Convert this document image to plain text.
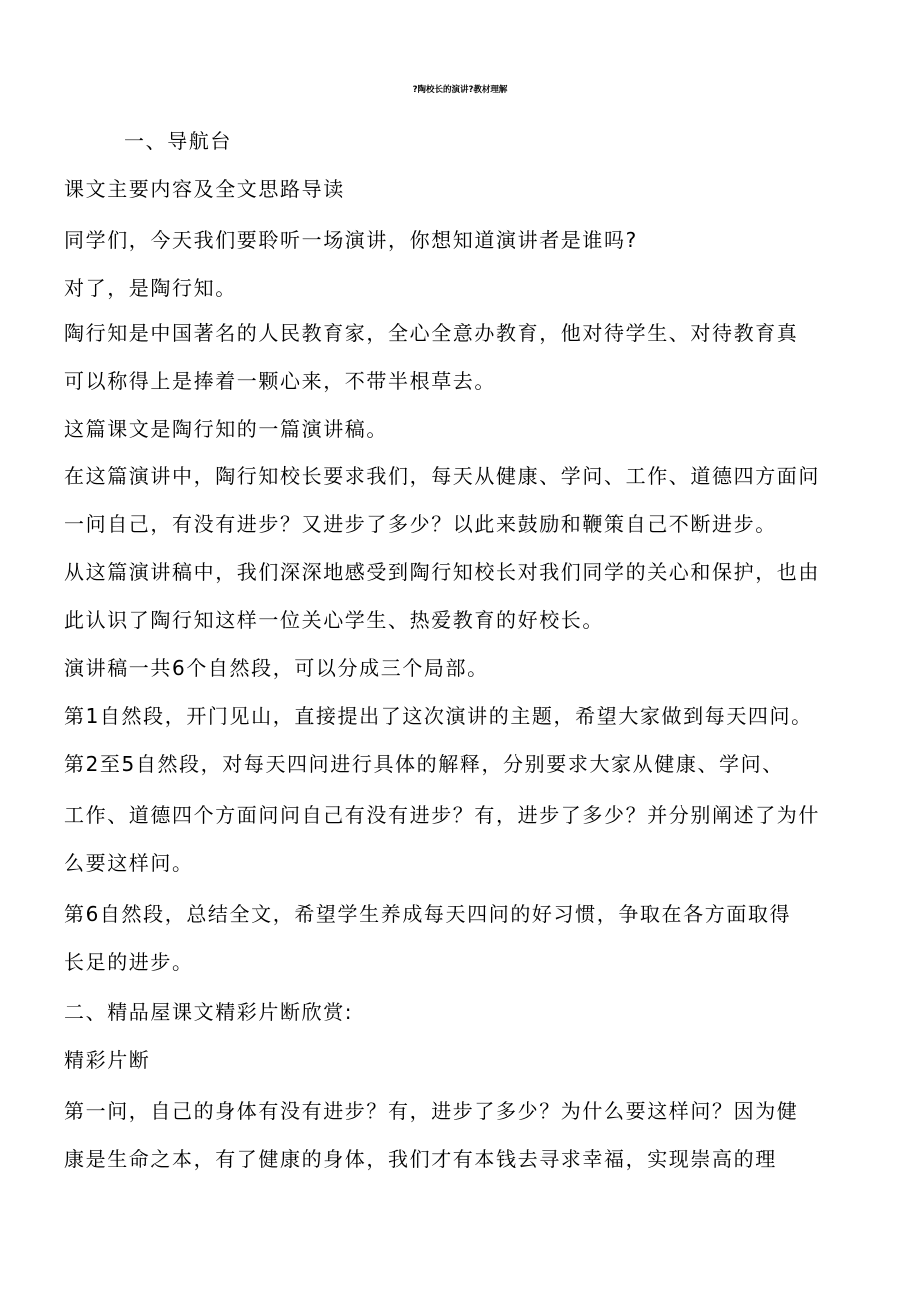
?陶校长的演讲?教材理解
一、导航台
课文主要内容及全文思路导读
同学们，今天我们要聆听一场演讲，你想知道演讲者是谁吗?
对了，是陶行知。
陶行知是中国著名的人民教育家，全心全意办教育，他对待学生、对待教育真
可以称得上是捧着一颗心来，不带半根草去。
这篇课文是陶行知的一篇演讲稿。
在这篇演讲中，陶行知校长要求我们，每天从健康、学问、工作、道德四方面问
一问自己，有没有进步？又进步了多少？以此来鼓励和鞭策自己不断进步。
从这篇演讲稿中，我们深深地感受到陶行知校长对我们同学的关心和保护，也由
此认识了陶行知这样一位关心学生、热爱教育的好校长。
演讲稿一共6个自然段，可以分成三个局部。
第1自然段，开门见山，直接提出了这次演讲的主题，希望大家做到每天四问。
第2至5自然段，对每天四问进行具体的解释，分别要求大家从健康、学问、
工作、道德四个方面问问自己有没有进步？有，进步了多少？并分别阐述了为什
么要这样问。
第6自然段，总结全文，希望学生养成每天四问的好习惯，争取在各方面取得
长足的进步。
二、精品屋课文精彩片断欣赏:
精彩片断
第一问，自己的身体有没有进步？有，进步了多少？为什么要这样问？因为健
康是生命之本，有了健康的身体，我们才有本钱去寻求幸福，实现崇高的理
